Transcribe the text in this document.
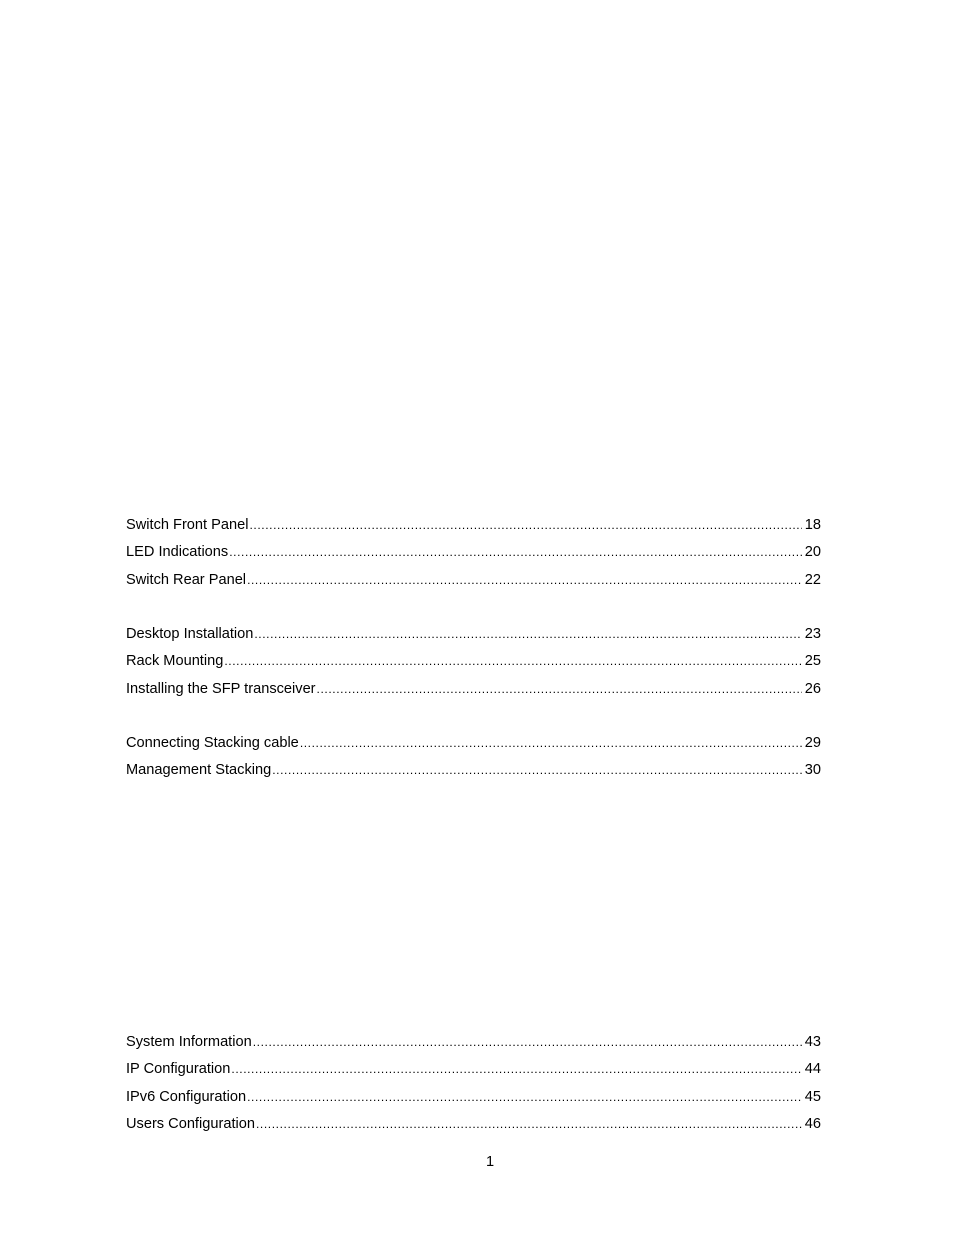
Switch Front Panel .....	18
LED Indications .....	20
Switch Rear Panel .....	22
Desktop Installation .....	23
Rack Mounting .....	25
Installing the SFP transceiver .....	26
Connecting Stacking cable .....	29
Management Stacking .....	30
System Information .....	43
IP Configuration .....	44
IPv6 Configuration .....	45
Users Configuration .....	46
1
